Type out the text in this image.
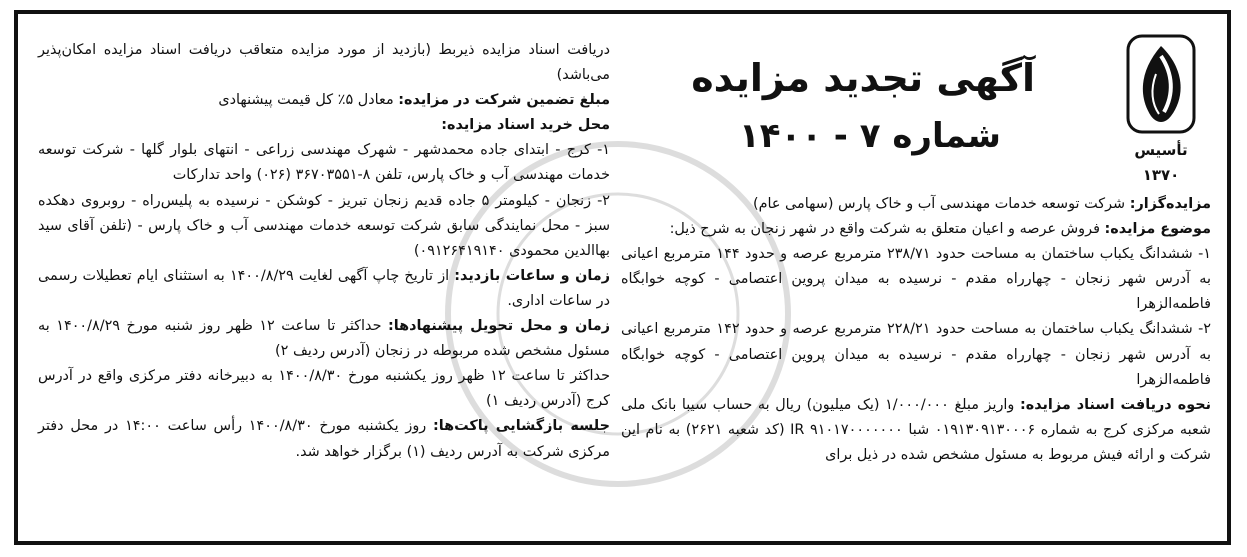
تأسیس ۱۳۷۰
آگهی تجدید مزایده
شماره ۷ - ۱۴۰۰

مزایده‌گزار: شرکت توسعه خدمات مهندسی آب و خاک پارس (سهامی عام)

موضوع مزایده: فروش عرصه و اعیان متعلق به شرکت واقع در شهر زنجان به شرح ذیل:

۱- ششدانگ یکباب ساختمان به مساحت حدود ۲۳۸/۷۱ مترمربع عرصه و حدود ۱۴۴ مترمربع اعیانی به آدرس شهر زنجان - چهارراه مقدم - نرسیده به میدان پروین اعتصامی - کوچه خوابگاه فاطمه‌الزهرا

۲- ششدانگ یکباب ساختمان به مساحت حدود ۲۲۸/۲۱ مترمربع عرصه و حدود ۱۴۲ مترمربع اعیانی به آدرس شهر زنجان - چهارراه مقدم - نرسیده به میدان پروین اعتصامی - کوچه خوابگاه فاطمه‌الزهرا

نحوه دریافت اسناد مزایده: واریز مبلغ ۱/۰۰۰/۰۰۰ (یک میلیون) ریال به حساب سیبا بانک ملی شعبه مرکزی کرج به شماره ۰۱۹۱۳۰۹۱۳۰۰۰۶ شبا IR ۹۱۰۱۷۰۰۰۰۰۰۰ (کد شعبه ۲۶۲۱) به نام این شرکت و ارائه فیش مربوط به مسئول مشخص شده در ذیل برای

دریافت اسناد مزایده ذیربط (بازدید از مورد مزایده متعاقب دریافت اسناد مزایده امکان‌پذیر می‌باشد)

مبلغ تضمین شرکت در مزایده: معادل ۵٪ کل قیمت پیشنهادی

محل خرید اسناد مزایده:

۱- کرج - ابتدای جاده محمدشهر - شهرک مهندسی زراعی - انتهای بلوار گلها - شرکت توسعه خدمات مهندسی آب و خاک پارس، تلفن ۸-۳۶۷۰۳۵۵۱ (۰۲۶) واحد تدارکات

۲- زنجان - کیلومتر ۵ جاده قدیم زنجان تبریز - کوشکن - نرسیده به پلیس‌راه - روبروی دهکده سبز - محل نمایندگی سابق شرکت توسعه خدمات مهندسی آب و خاک پارس - (تلفن آقای سید بهاالدین محمودی ۰۹۱۲۶۴۱۹۱۴۰)

زمان و ساعات بازدید: از تاریخ چاپ آگهی لغایت ۱۴۰۰/۸/۲۹ به استثنای ایام تعطیلات رسمی در ساعات اداری.

زمان و محل تحویل پیشنهادها: حداکثر تا ساعت ۱۲ ظهر روز شنبه مورخ ۱۴۰۰/۸/۲۹ به مسئول مشخص شده مربوطه در زنجان (آدرس ردیف ۲)

حداکثر تا ساعت ۱۲ ظهر روز یکشنبه مورخ ۱۴۰۰/۸/۳۰ به دبیرخانه دفتر مرکزی واقع در آدرس کرج (آدرس ردیف ۱)

جلسه بازگشایی پاکت‌ها: روز یکشنبه مورخ ۱۴۰۰/۸/۳۰ رأس ساعت ۱۴:۰۰ در محل دفتر مرکزی شرکت به آدرس ردیف (۱) برگزار خواهد شد.
